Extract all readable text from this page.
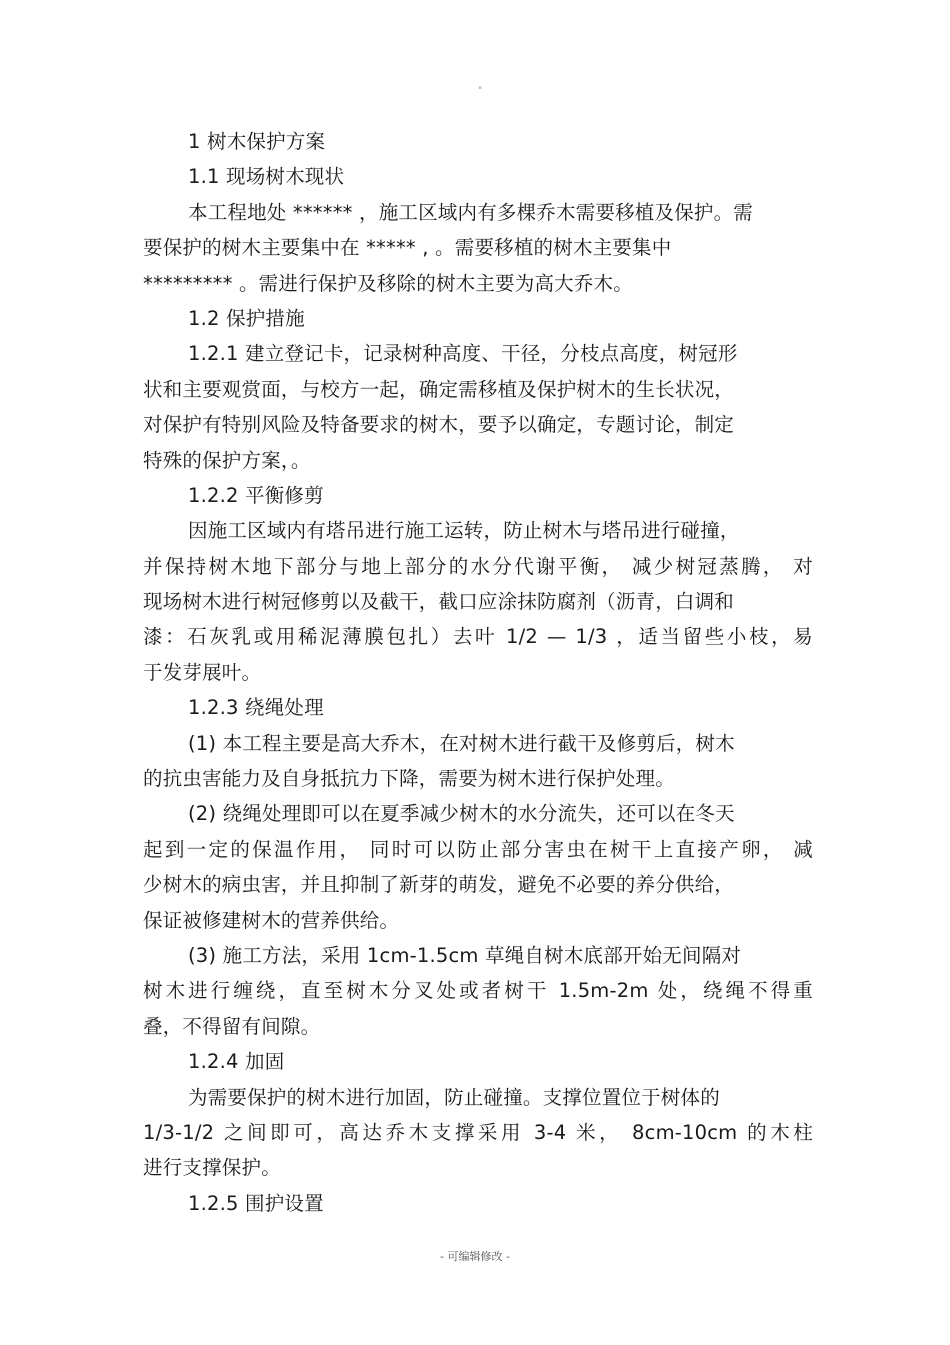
"
1 树木保护方案
1.1 现场树木现状
本工程地处 ****** ，施工区域内有多棵乔木需要移植及保护。需
要保护的树木主要集中在 ***** , 。需要移植的树木主要集中
********* 。需进行保护及移除的树木主要为高大乔木。
1.2 保护措施
1.2.1 建立登记卡，记录树种高度、干径，分枝点高度，树冠形
状和主要观赏面，与校方一起，确定需移植及保护树木的生长状况，
对保护有特别风险及特备要求的树木，要予以确定，专题讨论，制定
特殊的保护方案，。
1.2.2 平衡修剪
因施工区域内有塔吊进行施工运转，防止树木与塔吊进行碰撞，
并保持树木地下部分与地上部分的水分代谢平衡， 减少树冠蒸腾， 对
现场树木进行树冠修剪以及截干，截口应涂抹防腐剂（沥青，白调和
漆：石灰乳或用稀泥薄膜包扎）去叶 1/2 — 1/3 ，适当留些小枝，易
于发芽展叶。
1.2.3 绕绳处理
(1) 本工程主要是高大乔木，在对树木进行截干及修剪后，树木
的抗虫害能力及自身抵抗力下降，需要为树木进行保护处理。
(2) 绕绳处理即可以在夏季减少树木的水分流失，还可以在冬天
起到一定的保温作用， 同时可以防止部分害虫在树干上直接产卵， 减
少树木的病虫害，并且抑制了新芽的萌发，避免不必要的养分供给，
保证被修建树木的营养供给。
(3) 施工方法，采用 1cm-1.5cm 草绳自树木底部开始无间隔对
树木进行缠绕，直至树木分叉处或者树干 1.5m-2m 处，绕绳不得重
叠，不得留有间隙。
1.2.4 加固
为需要保护的树木进行加固，防止碰撞。支撑位置位于树体的
1/3-1/2 之间即可，高达乔木支撑采用 3-4 米， 8cm-10cm 的木柱
进行支撑保护。
1.2.5 围护设置
- 可编辑修改 -
